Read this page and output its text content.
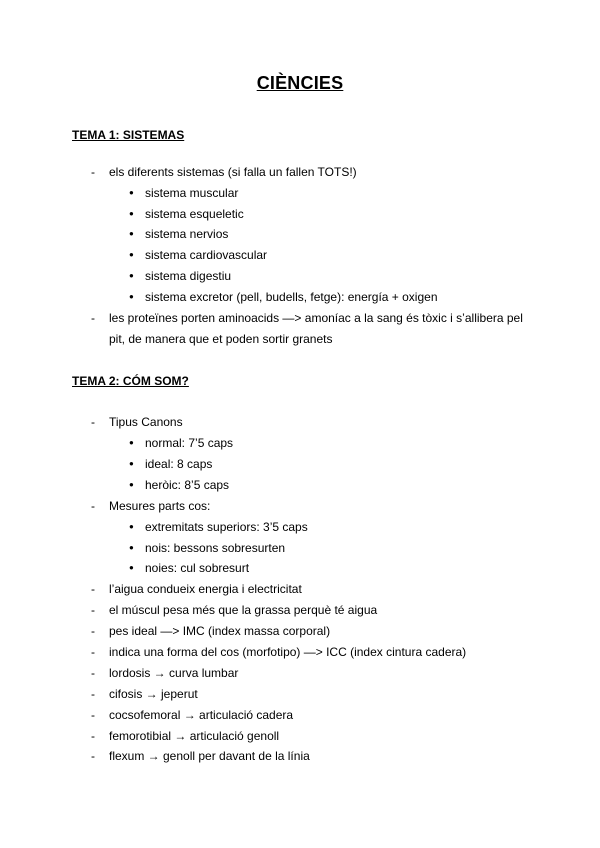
CIÈNCIES
TEMA 1: SISTEMAS
- els diferents sistemas (si falla un fallen TOTS!)
● sistema muscular
● sistema esqueletic
● sistema nervios
● sistema cardiovascular
● sistema digestiu
● sistema excretor (pell, budells, fetge): energía + oxigen
- les proteïnes porten aminoacids —> amoníac a la sang és tòxic i s’allibera pel
pit, de manera que et poden sortir granets
TEMA 2: CÓM SOM?
- Tipus Canons
● normal: 7’5 caps
● ideal: 8 caps
● heròic: 8’5 caps
- Mesures parts cos:
● extremitats superiors: 3’5 caps
● nois: bessons sobresurten
● noies: cul sobresurt
- l’aigua condueix energia i electricitat
- el múscul pesa més que la grassa perquè té aigua
- pes ideal —> IMC (index massa corporal)
- indica una forma del cos (morfotipo) —> ICC (index cintura cadera)
- lordosis → curva lumbar
- cifosis → jeperut
- cocsofemoral → articulació cadera
- femorotibial → articulació genoll
- flexum → genoll per davant de la línia
